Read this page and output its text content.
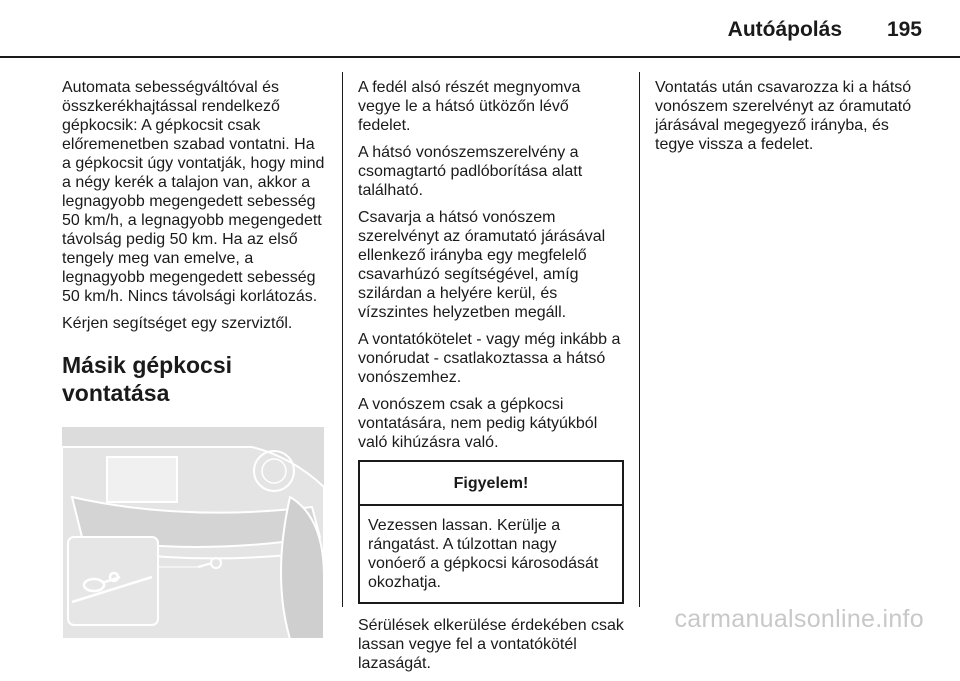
Autóápolás 195

Automata sebességváltóval és összkerékhajtással rendelkező gépkocsik: A gépkocsit csak előremenetben szabad vontatni. Ha a gépkocsit úgy vontatják, hogy mind a négy kerék a talajon van, akkor a legnagyobb megengedett sebesség 50 km/h, a legnagyobb megengedett távolság pedig 50 km. Ha az első tengely meg van emelve, a legnagyobb megengedett sebesség 50 km/h. Nincs távolsági korlátozás.

Kérjen segítséget egy szerviztől.

Másik gépkocsi vontatása

A fedél alsó részét megnyomva vegye le a hátsó ütközőn lévő fedelet.

A hátsó vonószemszerelvény a csomagtartó padlóborítása alatt található.

Csavarja a hátsó vonószem szerelvényt az óramutató járásával ellenkező irányba egy megfelelő csavarhúzó segítségével, amíg szilárdan a helyére kerül, és vízszintes helyzetben megáll.

A vontatókötelet - vagy még inkább a vonórudat - csatlakoztassa a hátsó vonószemhez.

A vonószem csak a gépkocsi vontatására, nem pedig kátyúkból való kihúzásra való.

Figyelem!
Vezessen lassan. Kerülje a rángatást. A túlzottan nagy vonóerő a gépkocsi károsodását okozhatja.

Sérülések elkerülése érdekében csak lassan vegye fel a vontatókötél lazaságát.

Vontatás után csavarozza ki a hátsó vonószem szerelvényt az óramutató járásával megegyező irányba, és tegye vissza a fedelet.

carmanualsonline.info
